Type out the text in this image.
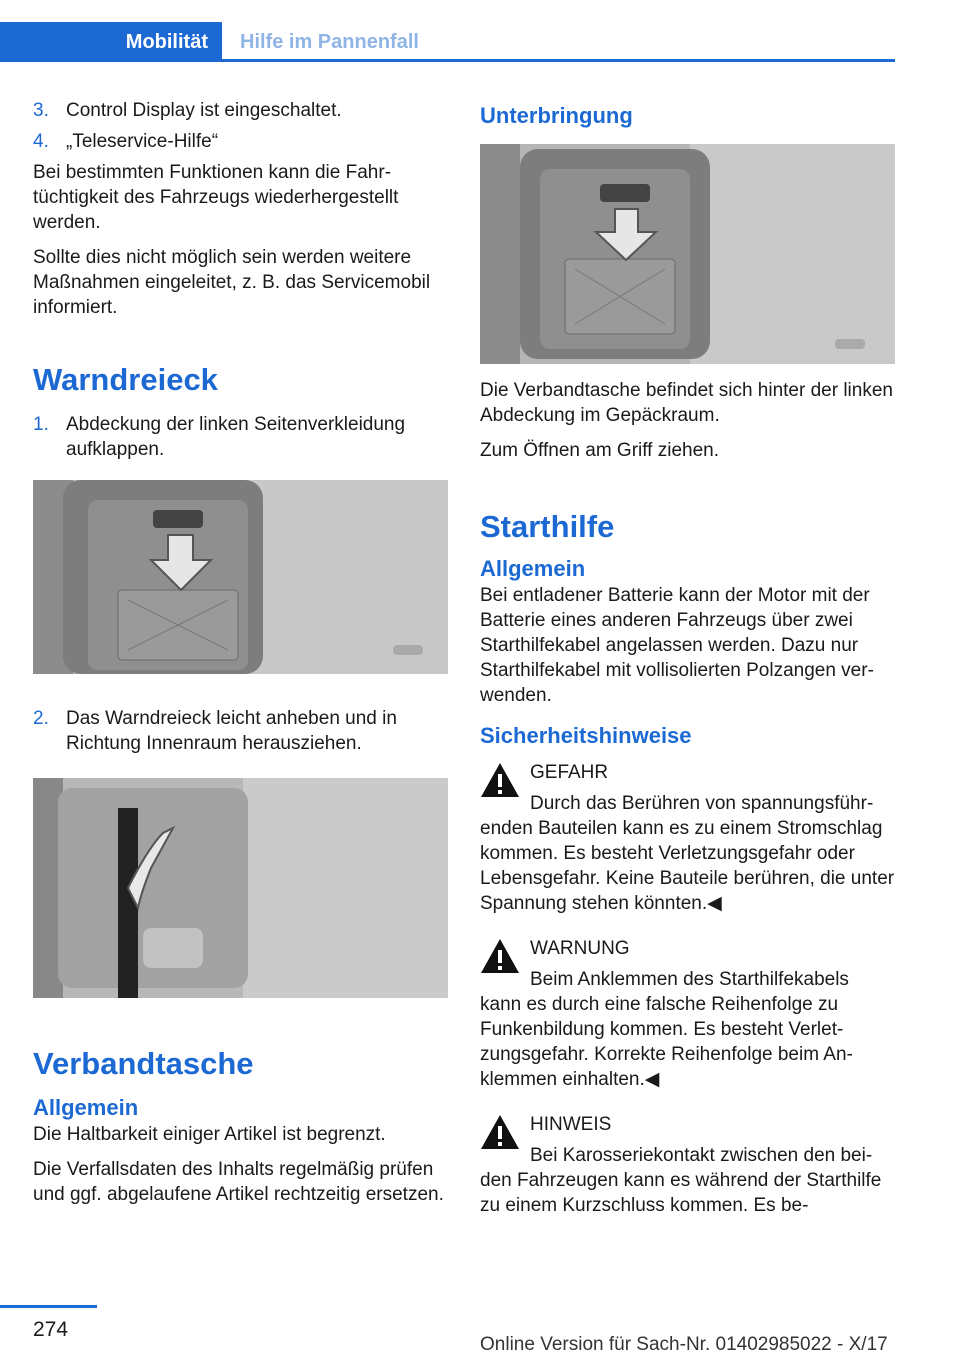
Mobilität	Hilfe im Pannenfall
3. Control Display ist eingeschaltet.
4. „Teleservice-Hilfe“

Bei bestimmten Funktionen kann die Fahrtüchtigkeit des Fahrzeugs wiederhergestellt werden.

Sollte dies nicht möglich sein werden weitere Maßnahmen eingeleitet, z. B. das Servicemobil informiert.

Warndreieck
1. Abdeckung der linken Seitenverkleidung aufklappen.
2. Das Warndreieck leicht anheben und in Richtung Innenraum herausziehen.
Verbandtasche
Allgemein

Die Haltbarkeit einiger Artikel ist begrenzt.

Die Verfallsdaten des Inhalts regelmäßig prüfen und ggf. abgelaufene Artikel rechtzeitig ersetzen.

Unterbringung

Die Verbandtasche befindet sich hinter der linken Abdeckung im Gepäckraum.

Zum Öffnen am Griff ziehen.

Starthilfe
Allgemein

Bei entladener Batterie kann der Motor mit der Batterie eines anderen Fahrzeugs über zwei Starthilfekabel angelassen werden. Dazu nur Starthilfekabel mit vollisolierten Polzangen verwenden.

Sicherheitshinweise
GEFAHR
Durch das Berühren von spannungsführenden Bauteilen kann es zu einem Stromschlag kommen. Es besteht Verletzungsgefahr oder Lebensgefahr. Keine Bauteile berühren, die unter Spannung stehen könnten.◀
WARNUNG
Beim Anklemmen des Starthilfekabels kann es durch eine falsche Reihenfolge zu Funkenbildung kommen. Es besteht Verletzungsgefahr. Korrekte Reihenfolge beim Anklemmen einhalten.◀
HINWEIS
Bei Karosseriekontakt zwischen den beiden Fahrzeugen kann es während der Starthilfe zu einem Kurzschluss kommen. Es be-
274
Online Version für Sach-Nr. 01402985022 - X/17
